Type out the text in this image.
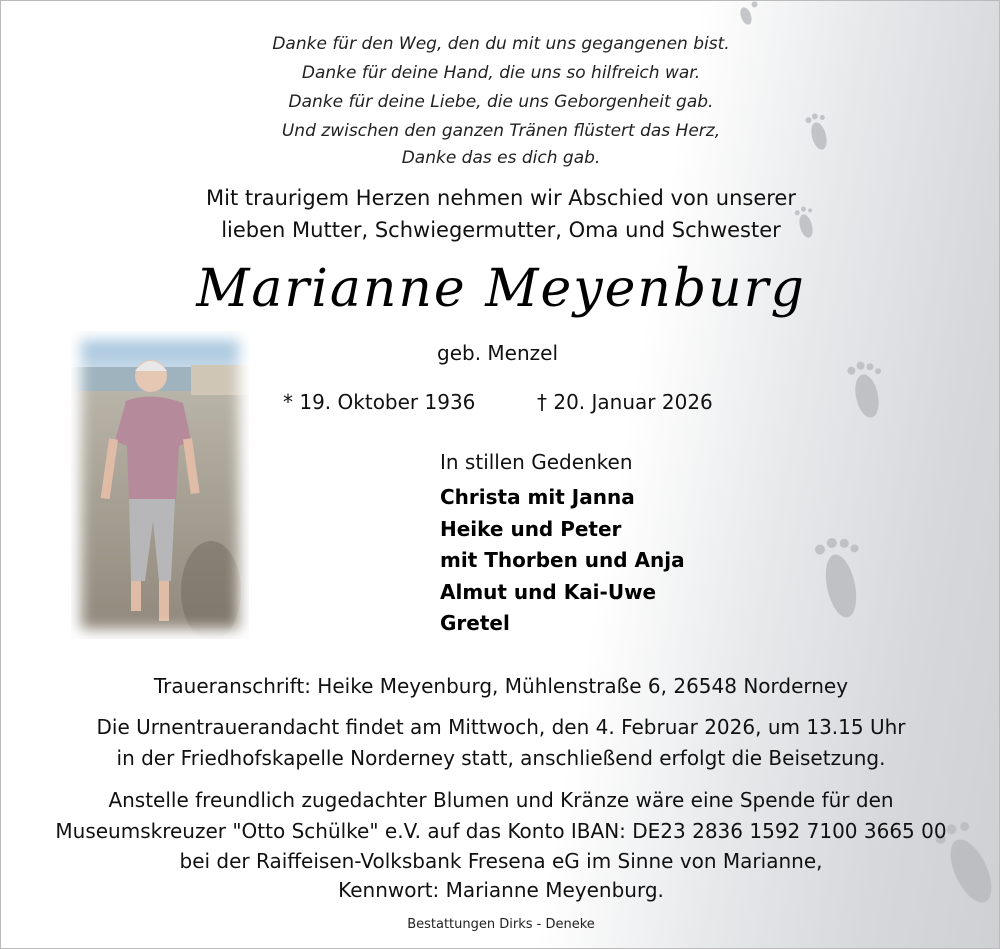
Danke für den Weg, den du mit uns gegangenen bist.
Danke für deine Hand, die uns so hilfreich war.
Danke für deine Liebe, die uns Geborgenheit gab.
Und zwischen den ganzen Tränen flüstert das Herz,
Danke das es dich gab.
Mit traurigem Herzen nehmen wir Abschied von unserer
lieben Mutter, Schwiegermutter, Oma und Schwester
Marianne Meyenburg
geb. Menzel
* 19. Oktober 1936	† 20. Januar 2026
In stillen Gedenken
Christa mit Janna
Heike und Peter
mit Thorben und Anja
Almut und Kai-Uwe
Gretel
Traueranschrift: Heike Meyenburg, Mühlenstraße 6, 26548 Norderney
Die Urnentrauerandacht findet am Mittwoch, den 4. Februar 2026, um 13.15 Uhr
in der Friedhofskapelle Norderney statt, anschließend erfolgt die Beisetzung.
Anstelle freundlich zugedachter Blumen und Kränze wäre eine Spende für den
Museumskreuzer "Otto Schülke" e.V. auf das Konto IBAN: DE23 2836 1592 7100 3665 00
bei der Raiffeisen-Volksbank Fresena eG im Sinne von Marianne,
Kennwort: Marianne Meyenburg.
Bestattungen Dirks - Deneke
